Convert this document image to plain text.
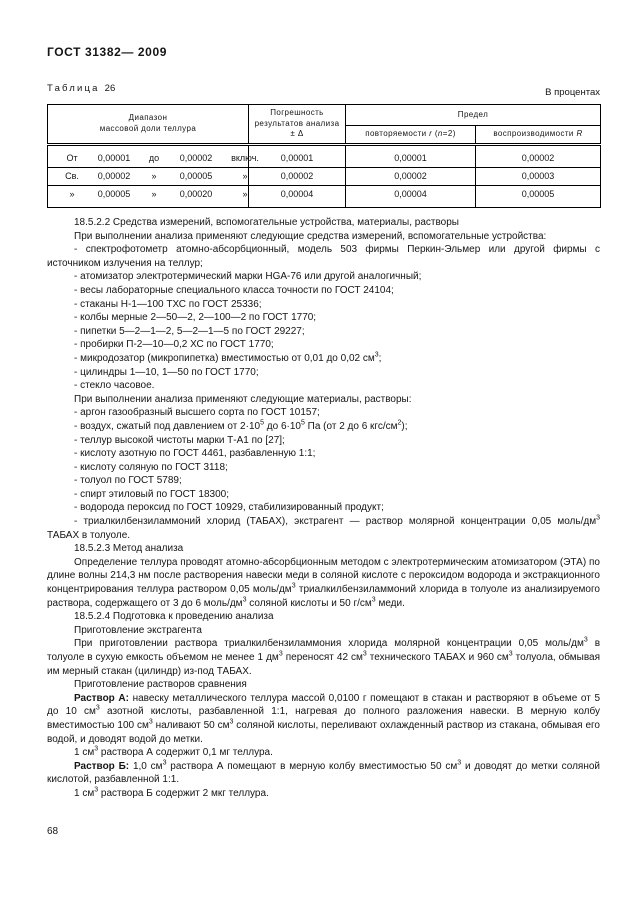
ГОСТ 31382— 2009
Таблица 26	В процентах
Диапазон
массовой доли теллура	Погрешность
результатов анализа
± Δ	Предел	
		повторяемости r (n=2)	воспроизводимости R

От 0,00001 до 0,00002 включ.	0,00001	0,00001	0,00002

Св. 0,00002 » 0,00005 »	0,00002	0,00002	0,00003

» 0,00005 » 0,00020 »	0,00004	0,00004	0,00005

18.5.2.2 Средства измерений, вспомогательные устройства, материалы, растворы

При выполнении анализа применяют следующие средства измерений, вспомогательные устройства:

- спектрофотометр атомно-абсорбционный, модель 503 фирмы Перкин-Эльмер или другой фирмы с источником излучения на теллур;

- атомизатор электротермический марки HGA-76 или другой аналогичный;

- весы лабораторные специального класса точности по ГОСТ 24104;

- стаканы Н-1—100 ТХС по ГОСТ 25336;

- колбы мерные 2—50—2, 2—100—2 по ГОСТ 1770;

- пипетки 5—2—1—2, 5—2—1—5 по ГОСТ 29227;

- пробирки П-2—10—0,2 ХС по ГОСТ 1770;

- микродозатор (микропипетка) вместимостью от 0,01 до 0,02 $см^3$;

- цилиндры 1—10, 1—50 по ГОСТ 1770;

- стекло часовое.

При выполнении анализа применяют следующие материалы, растворы:

- аргон газообразный высшего сорта по ГОСТ 10157;

- воздух, сжатый под давлением от $2\cdot 10^5$ до $6\cdot 10^5$ Па (от 2 до 6 кгс/$см^2$);

- теллур высокой чистоты марки Т-А1 по [27];

- кислоту азотную по ГОСТ 4461, разбавленную 1:1;

- кислоту соляную по ГОСТ 3118;

- толуол по ГОСТ 5789;

- спирт этиловый по ГОСТ 18300;

- водорода пероксид по ГОСТ 10929, стабилизированный продукт;

- триалкилбензиламмоний хлорид (ТАБАХ), экстрагент — раствор молярной концентрации 0,05 моль/$дм^3$ ТАБАХ в толуоле.

18.5.2.3 Метод анализа

Определение теллура проводят атомно-абсорбционным методом с электротермическим атомизатором (ЭТА) по длине волны 214,3 нм после растворения навески меди в соляной кислоте с пероксидом водорода и экстракционного концентрирования теллура раствором 0,05 моль/$дм^3$ триалкилбензиламмоний хлорида в толуоле из анализируемого раствора, содержащего от 3 до 6 моль/$дм^3$ соляной кислоты и 50 $г/см^3$ меди.

18.5.2.4 Подготовка к проведению анализа

Приготовление экстрагента

При приготовлении раствора триалкилбензиламмония хлорида молярной концентрации 0,05 моль/$дм^3$ в толуоле в сухую емкость объемом не менее 1 $дм^3$ переносят 42 $см^3$ технического ТАБАХ и 960 $см^3$ толуола, обмывая им мерный стакан (цилиндр) из-под ТАБАХ.

Приготовление растворов сравнения

Раствор А: навеску металлического теллура массой 0,0100 г помещают в стакан и растворяют в объеме от 5 до 10 $см^3$ азотной кислоты, разбавленной 1:1, нагревая до полного разложения навески. В мерную колбу вместимостью 100 $см^3$ наливают 50 $см^3$ соляной кислоты, переливают охлажденный раствор из стакана, обмывая его водой, и доводят водой до метки.

1 $см^3$ раствора А содержит 0,1 мг теллура.

Раствор Б: 1,0 $см^3$ раствора А помещают в мерную колбу вместимостью 50 $см^3$ и доводят до метки соляной кислотой, разбавленной 1:1.

1 $см^3$ раствора Б содержит 2 мкг теллура.

68
